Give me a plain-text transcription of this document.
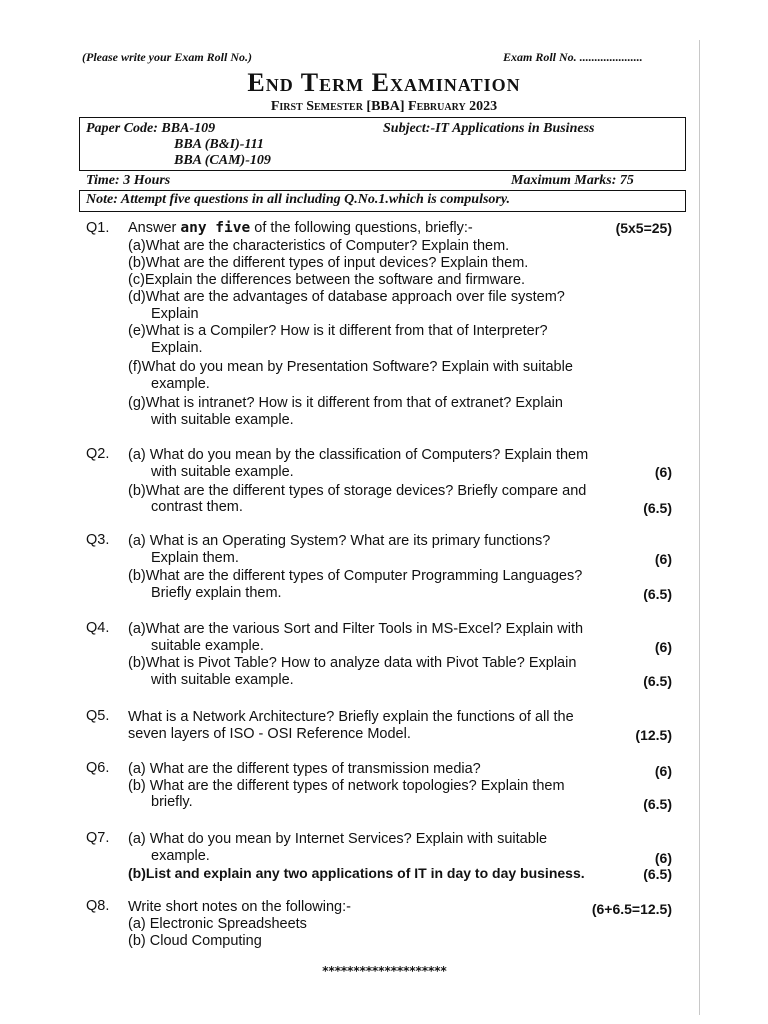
(Please write your Exam Roll No.)	Exam Roll No. .....................
End Term Examination
First Semester [BBA] February 2023
Paper Code: BBA-109
BBA (B&I)-111
BBA (CAM)-109
Subject:-IT Applications in Business
Time: 3 Hours	Maximum Marks: 75
Note: Attempt five questions in all including Q.No.1.which is compulsory.
Q1. Answer any five of the following questions, briefly:-	(5x5=25)
(a)What are the characteristics of Computer? Explain them.
(b)What are the different types of input devices? Explain them.
(c)Explain the differences between the software and firmware.
(d)What are the advantages of database approach over file system?
Explain
(e)What is a Compiler? How is it different from that of Interpreter?
Explain.
(f)What do you mean by Presentation Software? Explain with suitable
example.
(g)What is intranet? How is it different from that of extranet? Explain
with suitable example.
Q2. (a) What do you mean by the classification of Computers? Explain them
with suitable example.	(6)
(b)What are the different types of storage devices? Briefly compare and
contrast them.	(6.5)
Q3. (a) What is an Operating System? What are its primary functions?
Explain them.	(6)
(b)What are the different types of Computer Programming Languages?
Briefly explain them.	(6.5)
Q4. (a)What are the various Sort and Filter Tools in MS-Excel? Explain with
suitable example.	(6)
(b)What is Pivot Table? How to analyze data with Pivot Table? Explain
with suitable example.	(6.5)
Q5. What is a Network Architecture? Briefly explain the functions of all the
seven layers of ISO - OSI Reference Model.	(12.5)
Q6. (a) What are the different types of transmission media?	(6)
(b) What are the different types of network topologies? Explain them
briefly.	(6.5)
Q7. (a) What do you mean by Internet Services? Explain with suitable
example.	(6)
(b)List and explain any two applications of IT in day to day business.	(6.5)
Q8. Write short notes on the following:-	(6+6.5=12.5)
(a) Electronic Spreadsheets
(b) Cloud Computing
********************
